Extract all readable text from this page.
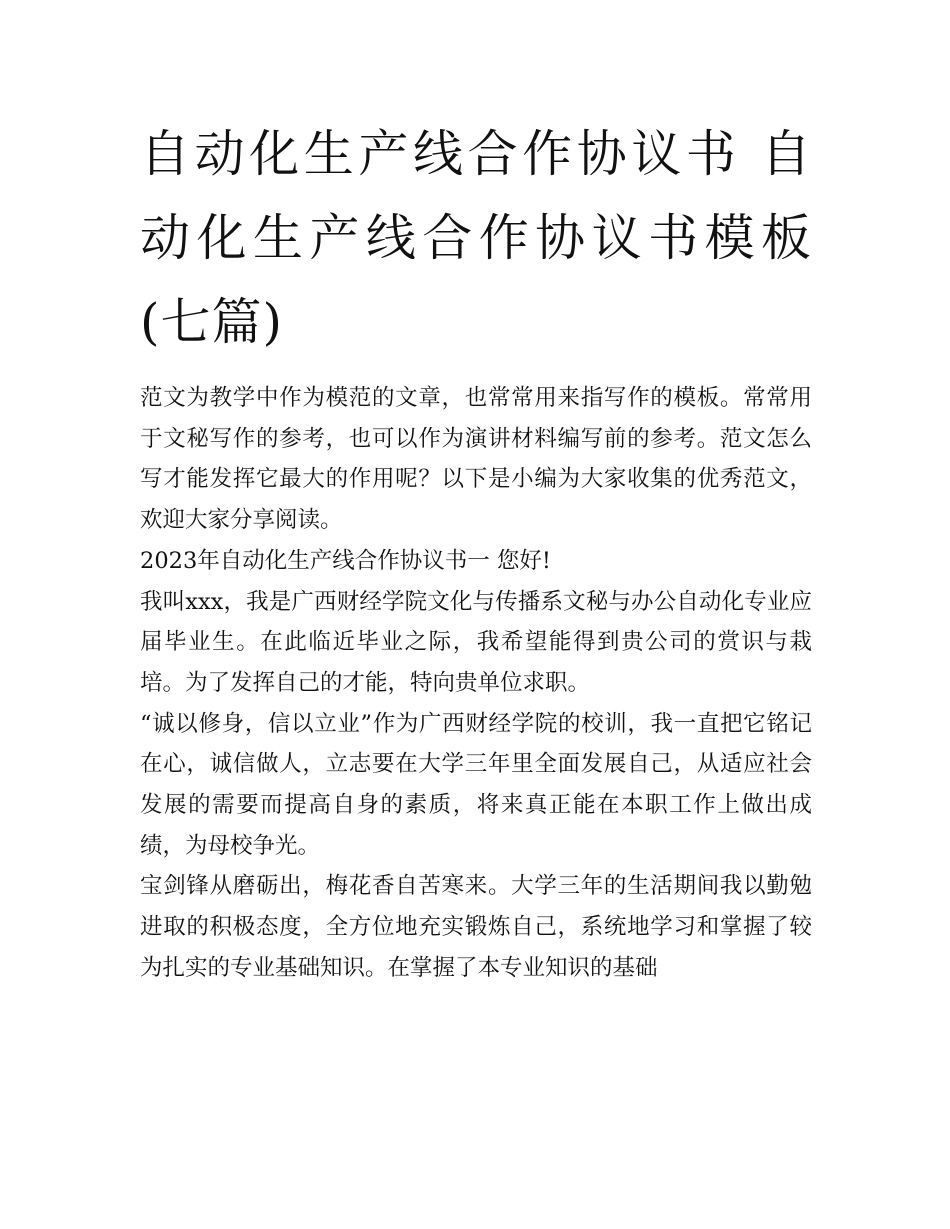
自动化生产线合作协议书 自动化生产线合作协议书模板(七篇)

范文为教学中作为模范的文章，也常常用来指写作的模板。常常用于文秘写作的参考，也可以作为演讲材料编写前的参考。范文怎么写才能发挥它最大的作用呢？以下是小编为大家收集的优秀范文，欢迎大家分享阅读。

2023年自动化生产线合作协议书一 您好!

我叫xxx，我是广西财经学院文化与传播系文秘与办公自动化专业应届毕业生。在此临近毕业之际，我希望能得到贵公司的赏识与栽培。为了发挥自己的才能，特向贵单位求职。

“诚以修身，信以立业”作为广西财经学院的校训，我一直把它铭记在心，诚信做人，立志要在大学三年里全面发展自己，从适应社会发展的需要而提高自身的素质，将来真正能在本职工作上做出成绩，为母校争光。

宝剑锋从磨砺出，梅花香自苦寒来。大学三年的生活期间我以勤勉进取的积极态度，全方位地充实锻炼自己，系统地学习和掌握了较为扎实的专业基础知识。在掌握了本专业知识的基础
